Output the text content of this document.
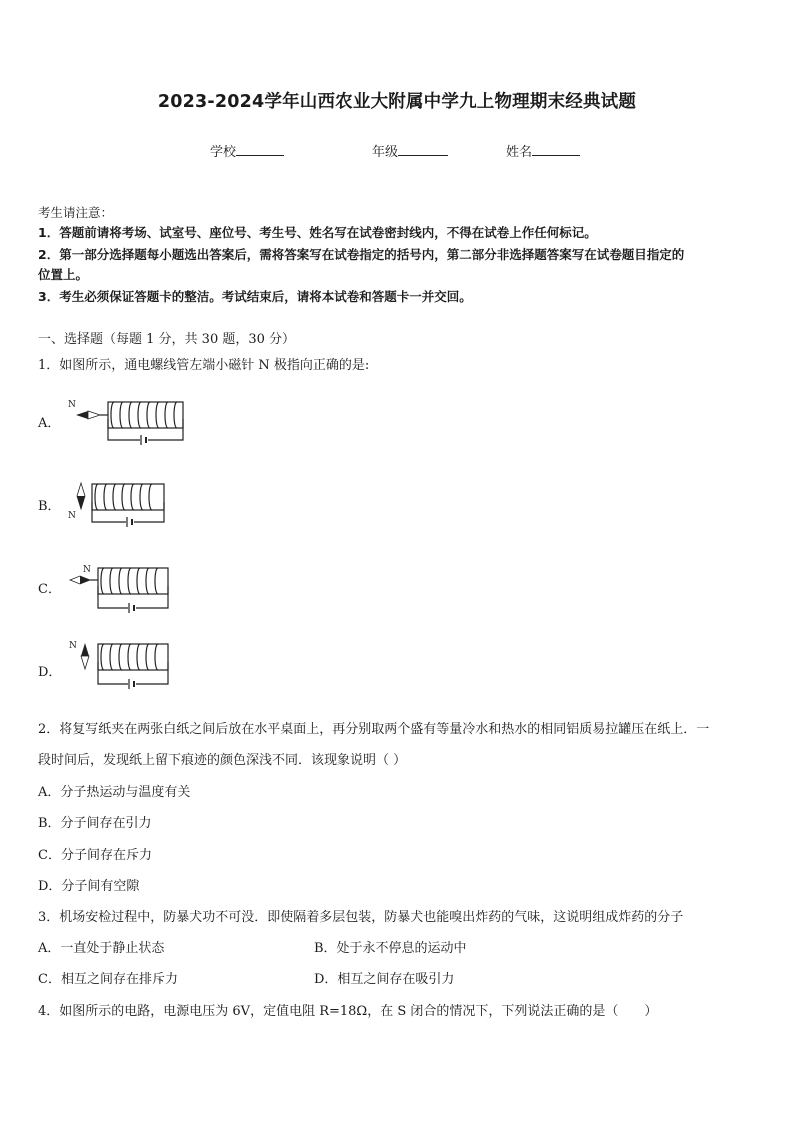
2023-2024学年山西农业大附属中学九上物理期末经典试题
学校	年级	姓名
考生请注意：
1．答题前请将考场、试室号、座位号、考生号、姓名写在试卷密封线内，不得在试卷上作任何标记。
2．第一部分选择题每小题选出答案后，需将答案写在试卷指定的括号内，第二部分非选择题答案写在试卷题目指定的
位置上。
3．考生必须保证答题卡的整洁。考试结束后，请将本试卷和答题卡一并交回。
一、选择题（每题 1 分，共 30 题，30 分）
1．如图所示，通电螺线管左端小磁针 N 极指向正确的是:
A．
N
B．
N
C．
N
D．
N
2．将复写纸夹在两张白纸之间后放在水平桌面上，再分别取两个盛有等量冷水和热水的相同铝质易拉罐压在纸上．一
段时间后，发现纸上留下痕迹的颜色深浅不同．该现象说明（ ）
A．分子热运动与温度有关
B．分子间存在引力
C．分子间存在斥力
D．分子间有空隙
3．机场安检过程中，防暴犬功不可没．即使隔着多层包装，防暴犬也能嗅出炸药的气味，这说明组成炸药的分子
A．一直处于静止状态	B．处于永不停息的运动中
C．相互之间存在排斥力	D．相互之间存在吸引力
4．如图所示的电路，电源电压为 6V，定值电阻 R=18Ω，在 S 闭合的情况下，下列说法正确的是（　　）
